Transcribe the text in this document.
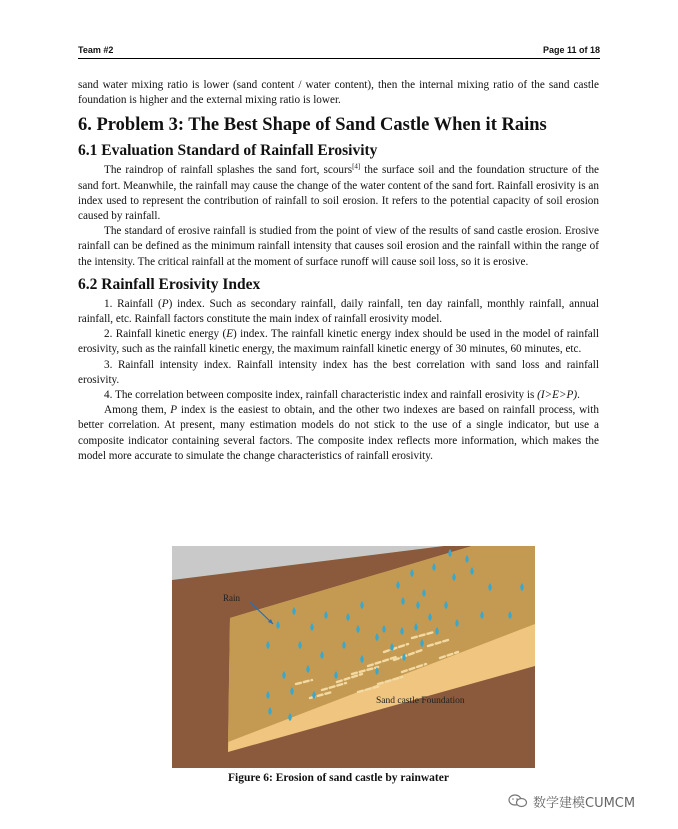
Team #2	Page 11 of 18

sand water mixing ratio is lower (sand content / water content), then the internal mixing ratio of the sand castle foundation is higher and the external mixing ratio is lower.

6. Problem 3: The Best Shape of Sand Castle When it Rains
6.1 Evaluation Standard of Rainfall Erosivity

The raindrop of rainfall splashes the sand fort, scours[4] the surface soil and the foundation structure of the sand fort. Meanwhile, the rainfall may cause the change of the water content of the sand fort. Rainfall erosivity is an index used to represent the contribution of rainfall to soil erosion. It refers to the potential capacity of soil erosion caused by rainfall.

The standard of erosive rainfall is studied from the point of view of the results of sand castle erosion. Erosive rainfall can be defined as the minimum rainfall intensity that causes soil erosion and the rainfall within the range of the intensity. The critical rainfall at the moment of surface runoff will cause soil loss, so it is erosive.

6.2 Rainfall Erosivity Index

1. Rainfall (P) index. Such as secondary rainfall, daily rainfall, ten day rainfall, monthly rainfall, annual rainfall, etc. Rainfall factors constitute the main index of rainfall erosivity model.

2. Rainfall kinetic energy (E) index. The rainfall kinetic energy index should be used in the model of rainfall erosivity, such as the rainfall kinetic energy, the maximum rainfall kinetic energy of 30 minutes, 60 minutes, etc.

3. Rainfall intensity index. Rainfall intensity index has the best correlation with sand loss and rainfall erosivity.

4. The correlation between composite index, rainfall characteristic index and rainfall erosivity is (I>E>P).

Among them, P index is the easiest to obtain, and the other two indexes are based on rainfall process, with better correlation. At present, many estimation models do not stick to the use of a single indicator, but use a composite indicator containing several factors. The composite index reflects more information, which makes the model more accurate to simulate the change characteristics of rainfall erosivity.

Rain
Sand castle Foundation
Figure 6: Erosion of sand castle by rainwater
数学建模CUMCM
